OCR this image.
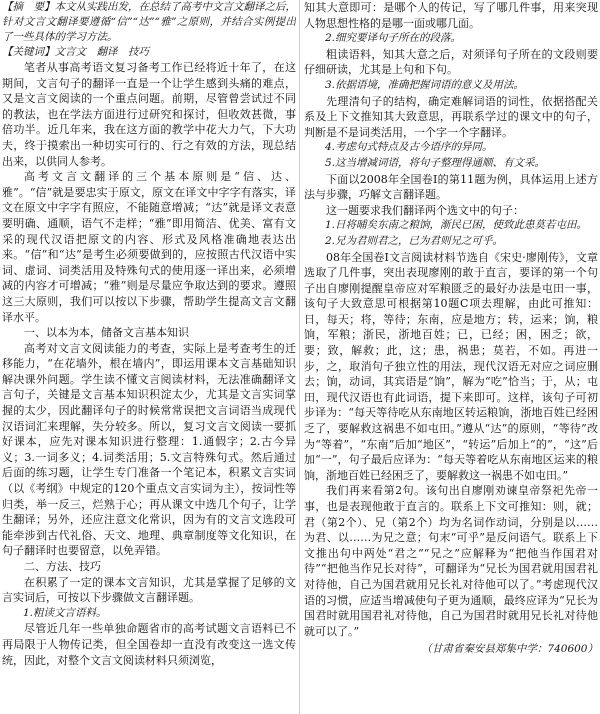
【摘　要】本文从实践出发，在总结了高考中文言文翻译之后，针对文言文翻译要遵循“信”“达”“雅”之原则，并结合实例提出了一些具体的学习方法。

【关键词】文言文　翻译　技巧

笔者从事高考语文复习备考工作已经将近十年了，在这期间，文言句子的翻译一直是一个让学生感到头痛的难点，又是文言文阅读的一个重点问题。前期，尽管曾尝试过不同的教法，也在学法方面进行过研究和探讨，但收效甚微，事倍功半。近几年来，我在这方面的教学中花大力气，下大功夫，终于摸索出一种切实可行的、行之有效的方法，现总结出来，以供同人参考。

高考文言文翻译的三个基本原则是“信、达、雅”。“信”就是要忠实于原文，原文在译文中字字有落实，译文在原文中字字有照应，不能随意增减；“达”就是译文表意要明确、通顺，语气不走样；“雅”即用简洁、优美、富有文采的现代汉语把原文的内容、形式及风格准确地表达出来。“信”和“达”是考生必须要做到的，应按照古代汉语中实词、虚词、词类活用及特殊句式的使用逐一译出来，必须增减的内容才可增减；“雅”则是尽量应争取达到的要求。遵照这三大原则，我们可以按以下步骤，帮助学生提高文言文翻译水平。

一、以本为本，储备文言基本知识

高考对文言文阅读能力的考查，实际上是考查考生的迁移能力，“在花墙外，根在墙内”，即运用课本文言基础知识解决课外问题。学生读不懂文言阅读材料，无法准确翻译文言句子，关键是文言基本知识积淀太少，尤其是文言实词掌握的太少，因此翻译句子的时候常常误把文言词语当成现代汉语词汇来理解，失分较多。所以，复习文言文阅读一要抓好课本，应先对课本知识进行整理：1.通假字；2.古今异义；3.一词多义；4.词类活用；5.文言特殊句式。然后通过后面的练习题，让学生专门准备一个笔记本，积累文言实词（以《考纲》中规定的120个重点文言实词为主），按词性等归类，举一反三，烂熟于心；再从课文中选几个句子，让学生翻译；另外，还应注意文化常识，因为有的文言文选段可能牵涉到古代礼俗、天文、地理、典章制度等文化知识，在句子翻译时也要留意，以免弄错。

二、方法、技巧

在积累了一定的课本文言知识，尤其是掌握了足够的文言实词后，可按以下步骤做文言翻译题。

1.粗读文言语料。

尽管近几年一些单独命题省市的高考试题文言语料已不再局限于人物传记类，但全国卷却一直没有改变这一选文传统，因此，对整个文言文阅读材料只须浏览，

知其大意即可：是哪个人的传记，写了哪几件事，用来突现人物思想性格的是哪一面或哪几面。

2.细究要译句子所在的段落。

粗读语料，知其大意之后，对须译句子所在的文段则要仔细研读，尤其是上句和下句。

3.依据语境，准确把握词语的意义及用法。

先理清句子的结构，确定难解词语的词性，依据搭配关系及上下文推知其大致意思，再联系学过的课文中的句子，判断是不是词类活用，一个字一个字翻译。

4.考虑句式特点及古今语序的异同。

5.这当增减词语，将句子整理得通顺、有文采。

下面以2008年全国卷Ⅰ的第11题为例，具体运用上述方法与步骤，巧解文言翻译题。

这一题要求我们翻译两个选文中的句子：

1.日将晡矣东南之粮饷，渐民已困，使致此患莫若屯田。

2.兄为君则君之，已为君则兄之可乎。

08年全国卷Ⅰ文言阅读材料节选自《宋史·廖刚传》，文章选取了几件事，突出表现廖刚的敢于直言，要译的第一个句子出自廖刚提醒皇帝应对军粮匮乏的最好办法是屯田一事，该句子大致意思可根据第10题C项去理解，由此可推知：日，每天；将，等待；东南，应是地方；转，运来；饷，粮饷，军粮；浙民，浙地百姓；已，已经；困，困乏；欲，要；致，解救；此，这；患，祸患；莫若，不如。再进一步，之，取消句子独立性的用法，现代汉语无对应之词应删去；饷，动词，其宾语是“饷”，解为“吃”恰当；于，从；屯田，现代汉语也有此词语，提下来即可。这样，该句子可初步译为：“每天等待吃从东南地区转运粮饷，浙地百姓已经困乏了，要解救这祸患不如屯田。”遵从“达”的原则，“等待”改为“等着”，“东南”后加“地区”，“转运”后加上“的”，“这”后加“一”，句子最后应译为：“每天等着吃从东南地区运来的粮饷，浙地百姓已经困乏了，要解救这一祸患不如屯田。”

我们再来看第2句。该句出自廖刚劝谏皇帝祭祀先帝一事，也是表现他敢于直言的。联系上下文可推知：则，就；君（第2个）、兄（第2个）均为名词作动词，分别是以……为君、以……为兄之意；句末“可乎”是反问语气。联系上下文推出句中两处“君之”“兄之”应解释为“把他当作国君对待”“把他当作兄长对待”，可翻译为“兄长为国君就用国君礼对待他，自己为国君就用兄长礼对待他可以了。”考虑现代汉语的习惯，应适当增减使句子更为通顺，最终应译为“兄长为国君时就用国君礼对待他，自己为国君时就用兄长礼对待他就可以了。”

（甘肃省秦安县郑集中学：740600）
